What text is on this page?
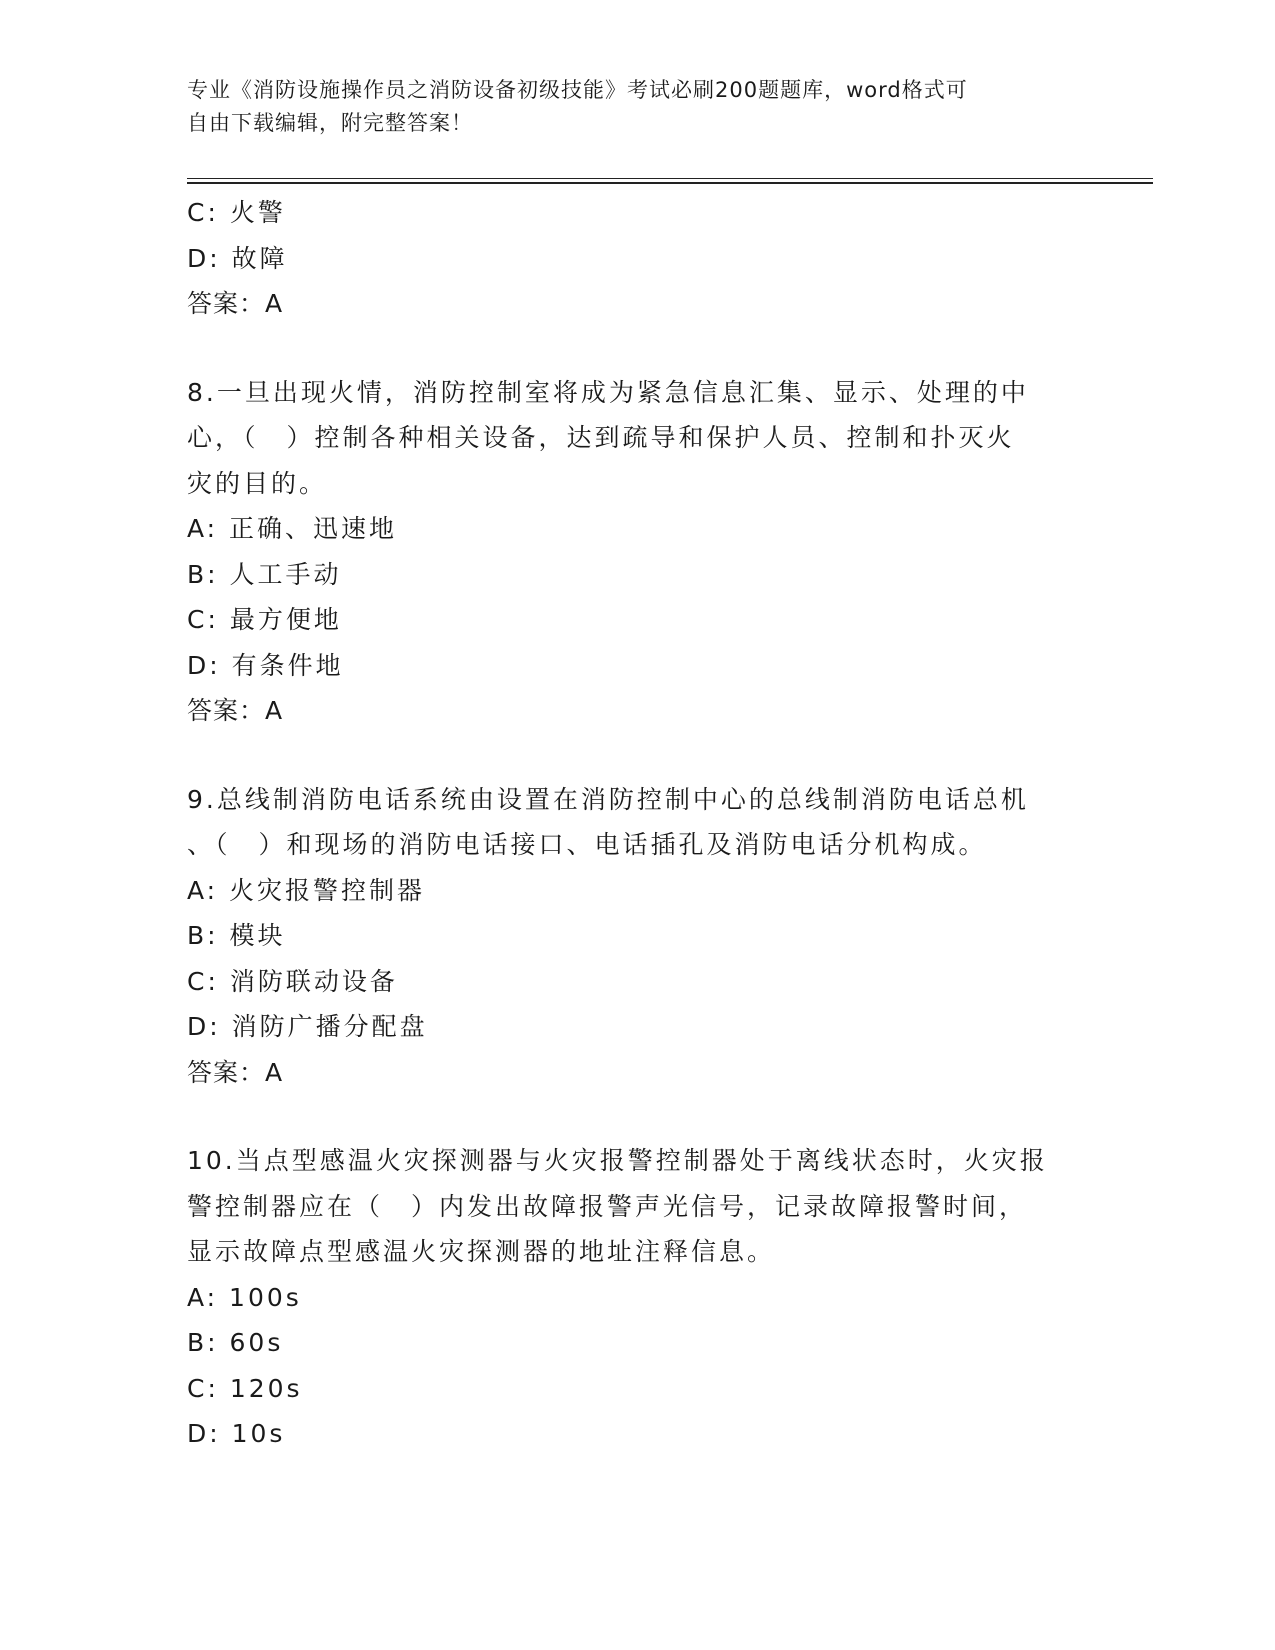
专业《消防设施操作员之消防设备初级技能》考试必刷200题题库，word格式可
自由下载编辑，附完整答案！
C: 火警
D: 故障
答案：A
8.一旦出现火情，消防控制室将成为紧急信息汇集、显示、处理的中
心，（　）控制各种相关设备，达到疏导和保护人员、控制和扑灭火
灾的目的。
A: 正确、迅速地
B: 人工手动
C: 最方便地
D: 有条件地
答案：A
9.总线制消防电话系统由设置在消防控制中心的总线制消防电话总机
、（　）和现场的消防电话接口、电话插孔及消防电话分机构成。
A: 火灾报警控制器
B: 模块
C: 消防联动设备
D: 消防广播分配盘
答案：A
10.当点型感温火灾探测器与火灾报警控制器处于离线状态时，火灾报
警控制器应在（　）内发出故障报警声光信号，记录故障报警时间，
显示故障点型感温火灾探测器的地址注释信息。
A: 100s
B: 60s
C: 120s
D: 10s
